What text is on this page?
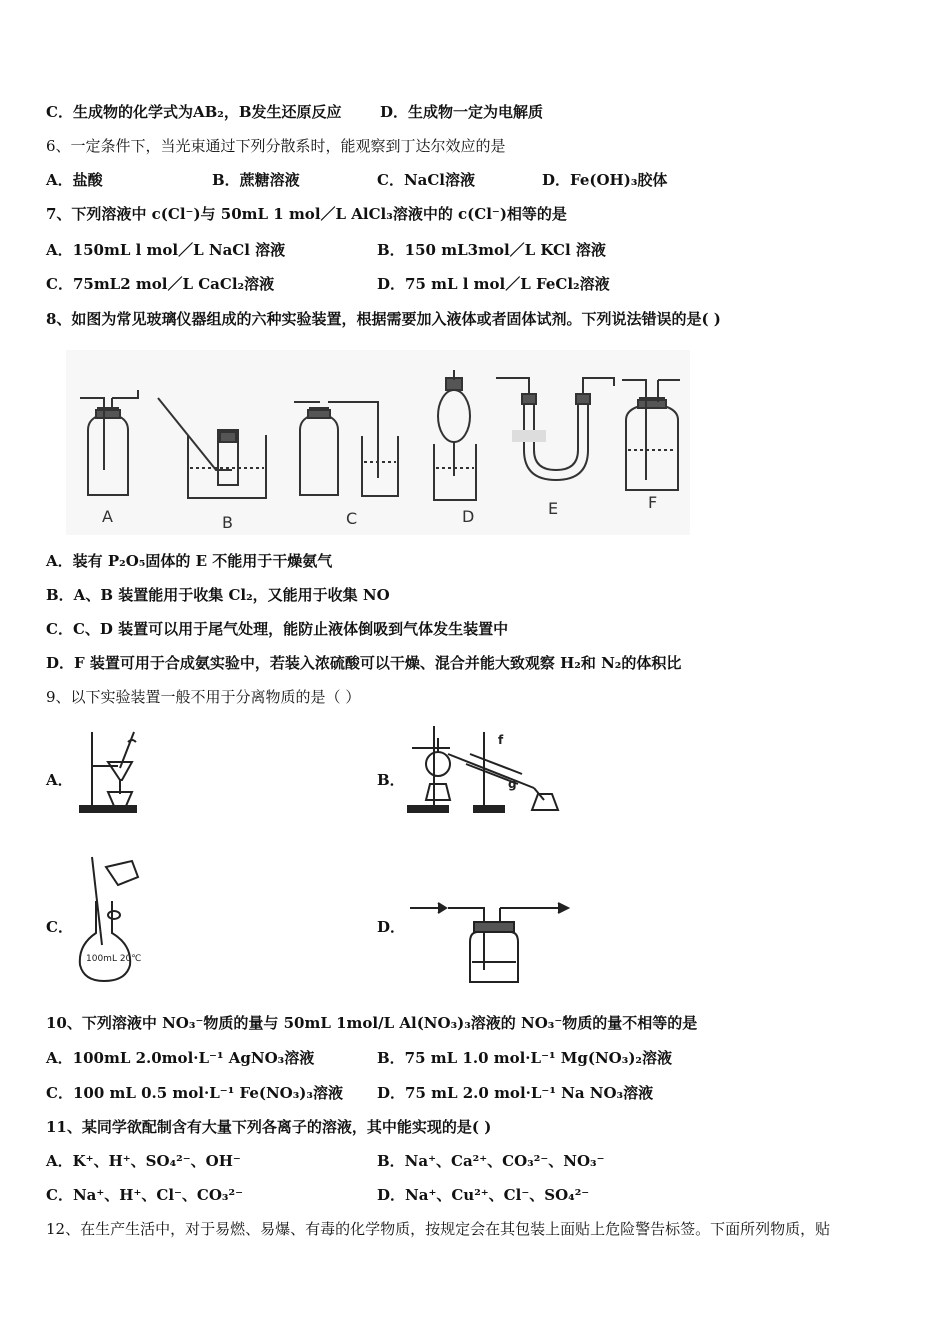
C．生成物的化学式为AB₂，B发生还原反应	D．生成物一定为电解质
6、一定条件下，当光束通过下列分散系时，能观察到丁达尔效应的是
A．盐酸	B．蔗糖溶液	C．NaCl溶液	D．Fe(OH)₃胶体
7、下列溶液中 c(Cl⁻)与 50mL 1 mol／L AlCl₃溶液中的 c(Cl⁻)相等的是
A．150mL l mol／L NaCl 溶液	B．150 mL3mol／L KCl 溶液
C．75mL2 mol／L CaCl₂溶液	D．75 mL l mol／L FeCl₂溶液
8、如图为常见玻璃仪器组成的六种实验装置，根据需要加入液体或者固体试剂。下列说法错误的是( )
A	B	C	D	E	F
A．装有 P₂O₅固体的 E 不能用于干燥氨气
B．A、B 装置能用于收集 Cl₂，又能用于收集 NO
C．C、D 装置可以用于尾气处理，能防止液体倒吸到气体发生装置中
D．F 装置可用于合成氨实验中，若装入浓硫酸可以干燥、混合并能大致观察 H₂和 N₂的体积比
9、以下实验装置一般不用于分离物质的是（ ）
A．	B．
f
g
C．
100mL 20℃
D．
10、下列溶液中 NO₃⁻物质的量与 50mL 1mol/L Al(NO₃)₃溶液的 NO₃⁻物质的量不相等的是
A．100mL 2.0mol·L⁻¹ AgNO₃溶液	B．75 mL 1.0 mol·L⁻¹ Mg(NO₃)₂溶液
C．100 mL 0.5 mol·L⁻¹ Fe(NO₃)₃溶液 D．75 mL 2.0 mol·L⁻¹ Na NO₃溶液
11、某同学欲配制含有大量下列各离子的溶液，其中能实现的是( )
A．K⁺、H⁺、SO₄²⁻、OH⁻	B．Na⁺、Ca²⁺、CO₃²⁻、NO₃⁻
C．Na⁺、H⁺、Cl⁻、CO₃²⁻	D．Na⁺、Cu²⁺、Cl⁻、SO₄²⁻
12、在生产生活中，对于易燃、易爆、有毒的化学物质，按规定会在其包装上面贴上危险警告标签。下面所列物质，贴
